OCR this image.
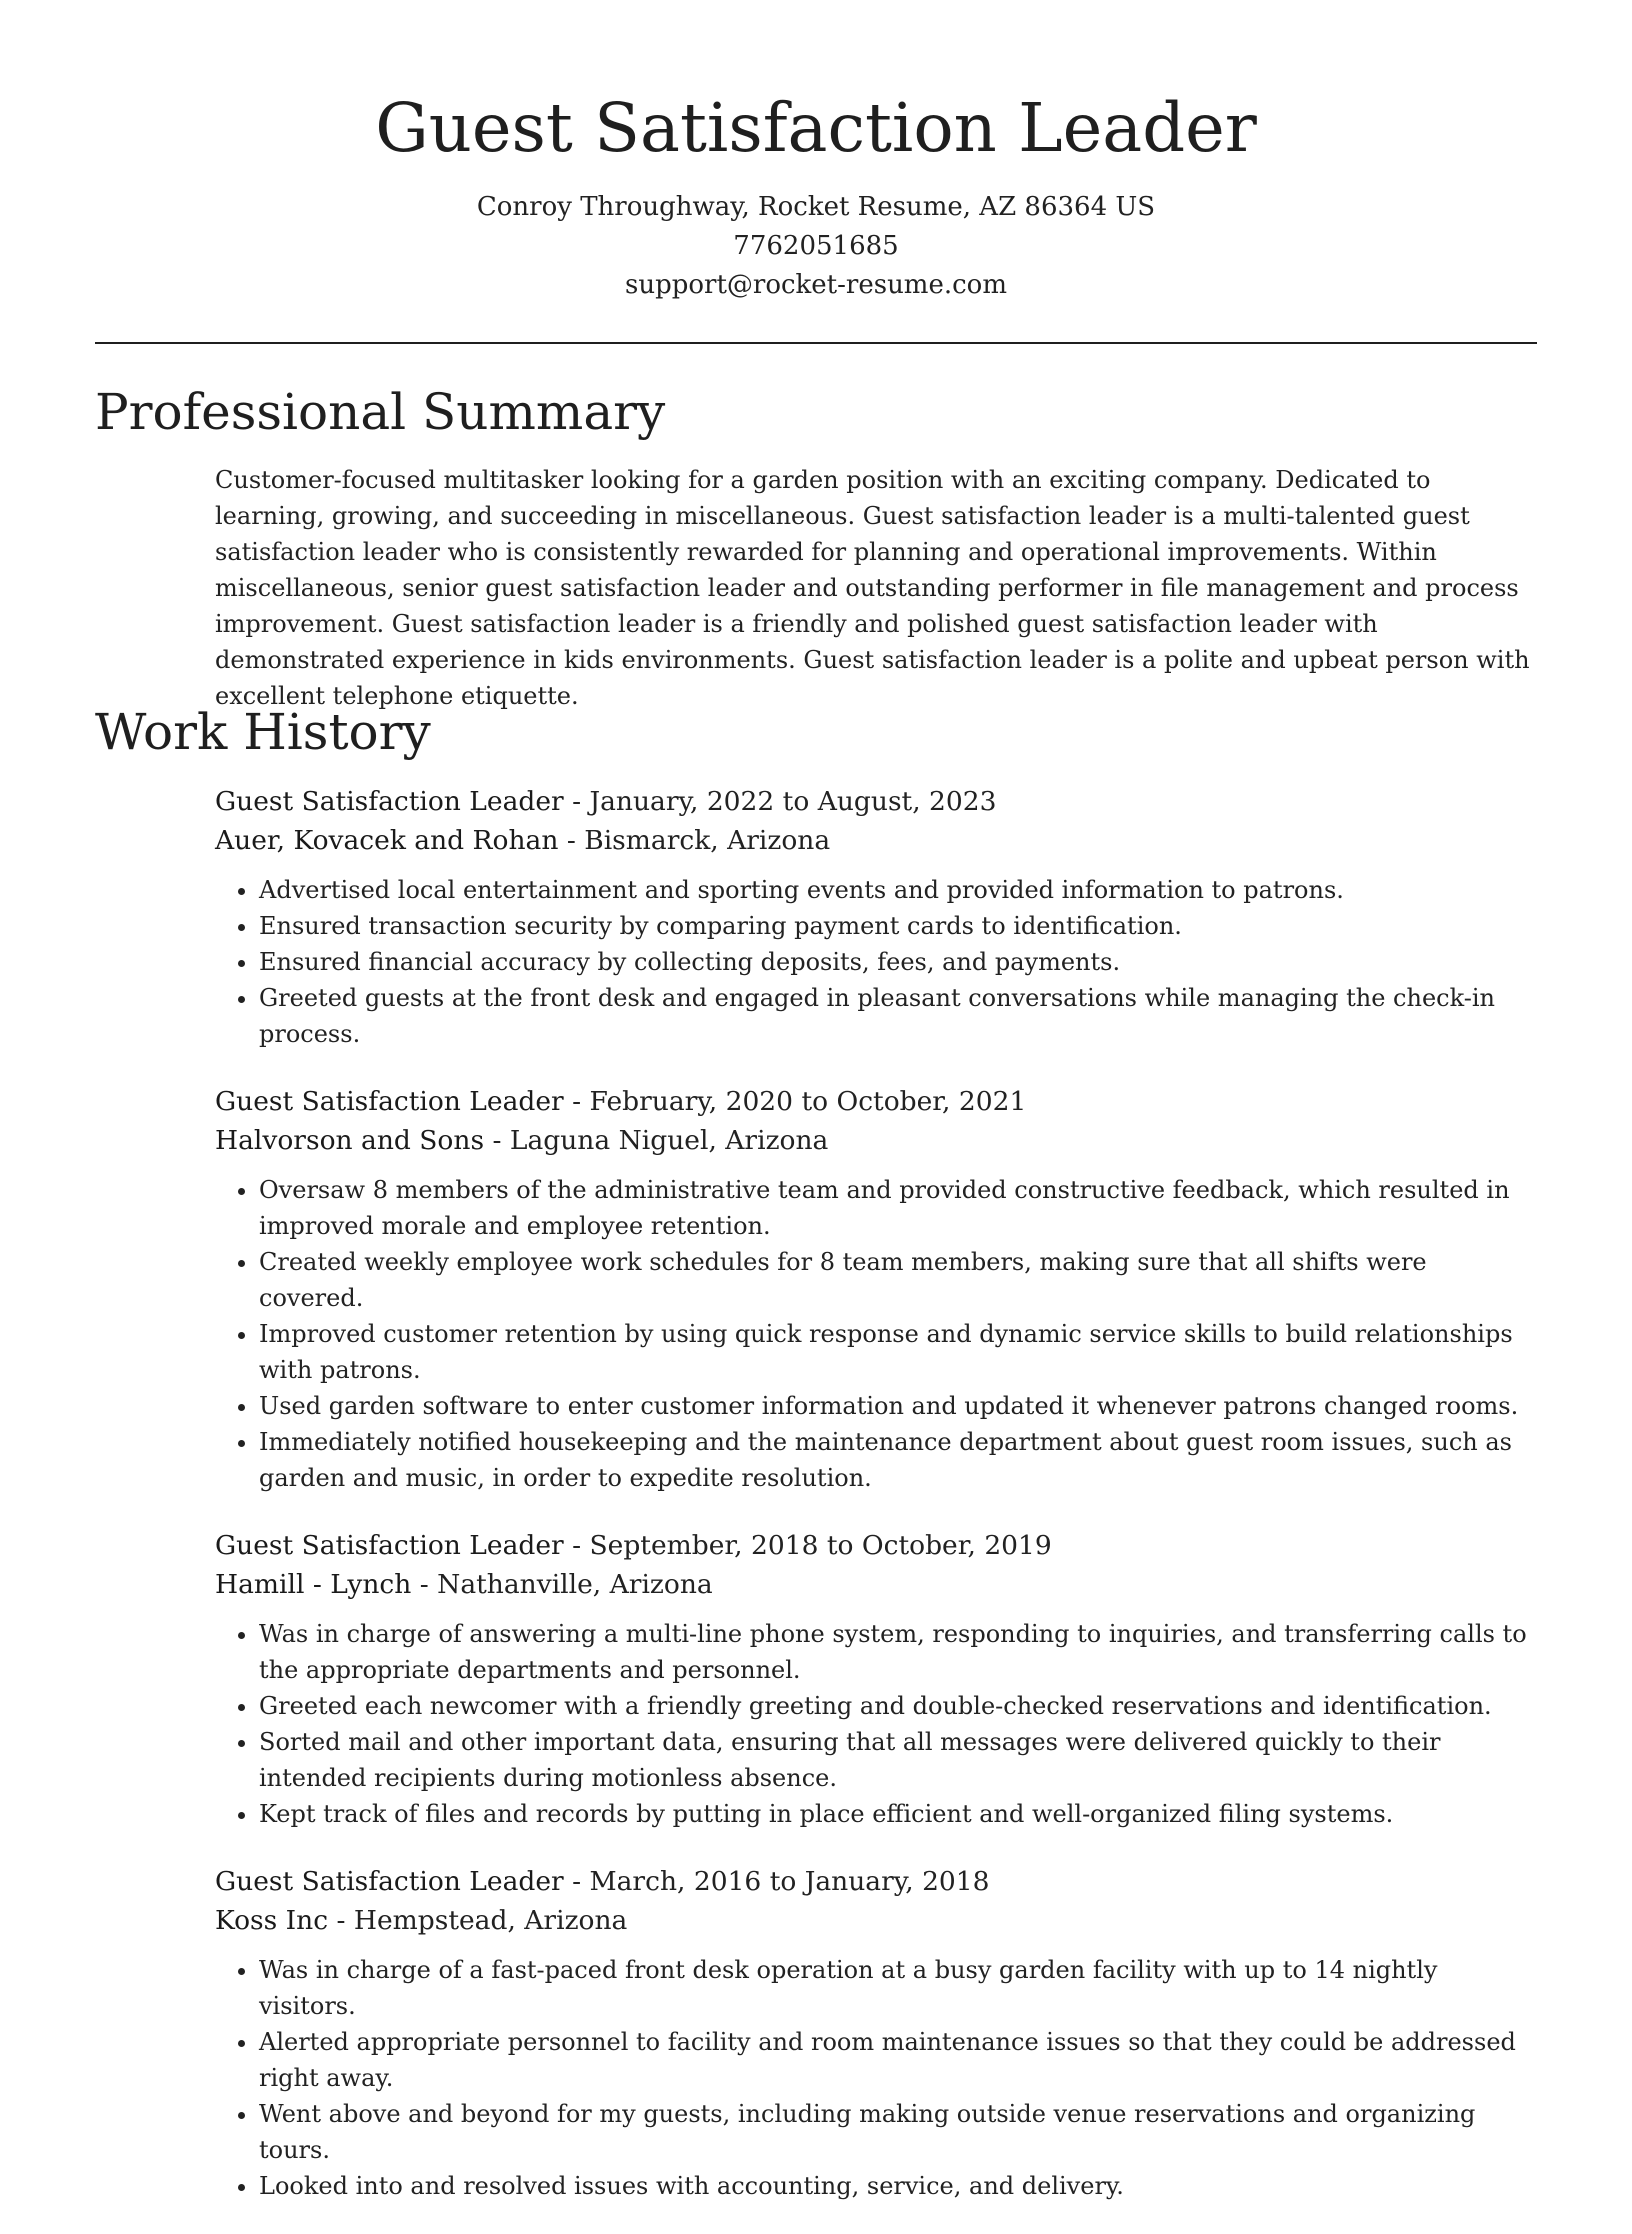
Guest Satisfaction Leader

Conroy Throughway, Rocket Resume, AZ 86364 US

7762051685

support@rocket-resume.com

Professional Summary

Customer-focused multitasker looking for a garden position with an exciting company. Dedicated to learning, growing, and succeeding in miscellaneous. Guest satisfaction leader is a multi-talented guest satisfaction leader who is consistently rewarded for planning and operational improvements. Within miscellaneous, senior guest satisfaction leader and outstanding performer in file management and process improvement. Guest satisfaction leader is a friendly and polished guest satisfaction leader with demonstrated experience in kids environments. Guest satisfaction leader is a polite and upbeat person with excellent telephone etiquette.

Work History

Guest Satisfaction Leader - January, 2022 to August, 2023

Auer, Kovacek and Rohan - Bismarck, Arizona

• Advertised local entertainment and sporting events and provided information to patrons.
• Ensured transaction security by comparing payment cards to identification.
• Ensured financial accuracy by collecting deposits, fees, and payments.
• Greeted guests at the front desk and engaged in pleasant conversations while managing the check-in process.

Guest Satisfaction Leader - February, 2020 to October, 2021

Halvorson and Sons - Laguna Niguel, Arizona

• Oversaw 8 members of the administrative team and provided constructive feedback, which resulted in improved morale and employee retention.
• Created weekly employee work schedules for 8 team members, making sure that all shifts were covered.
• Improved customer retention by using quick response and dynamic service skills to build relationships with patrons.
• Used garden software to enter customer information and updated it whenever patrons changed rooms.
• Immediately notified housekeeping and the maintenance department about guest room issues, such as garden and music, in order to expedite resolution.

Guest Satisfaction Leader - September, 2018 to October, 2019

Hamill - Lynch - Nathanville, Arizona

• Was in charge of answering a multi-line phone system, responding to inquiries, and transferring calls to the appropriate departments and personnel.
• Greeted each newcomer with a friendly greeting and double-checked reservations and identification.
• Sorted mail and other important data, ensuring that all messages were delivered quickly to their intended recipients during motionless absence.
• Kept track of files and records by putting in place efficient and well-organized filing systems.

Guest Satisfaction Leader - March, 2016 to January, 2018

Koss Inc - Hempstead, Arizona

• Was in charge of a fast-paced front desk operation at a busy garden facility with up to 14 nightly visitors.
• Alerted appropriate personnel to facility and room maintenance issues so that they could be addressed right away.
• Went above and beyond for my guests, including making outside venue reservations and organizing tours.
• Looked into and resolved issues with accounting, service, and delivery.
